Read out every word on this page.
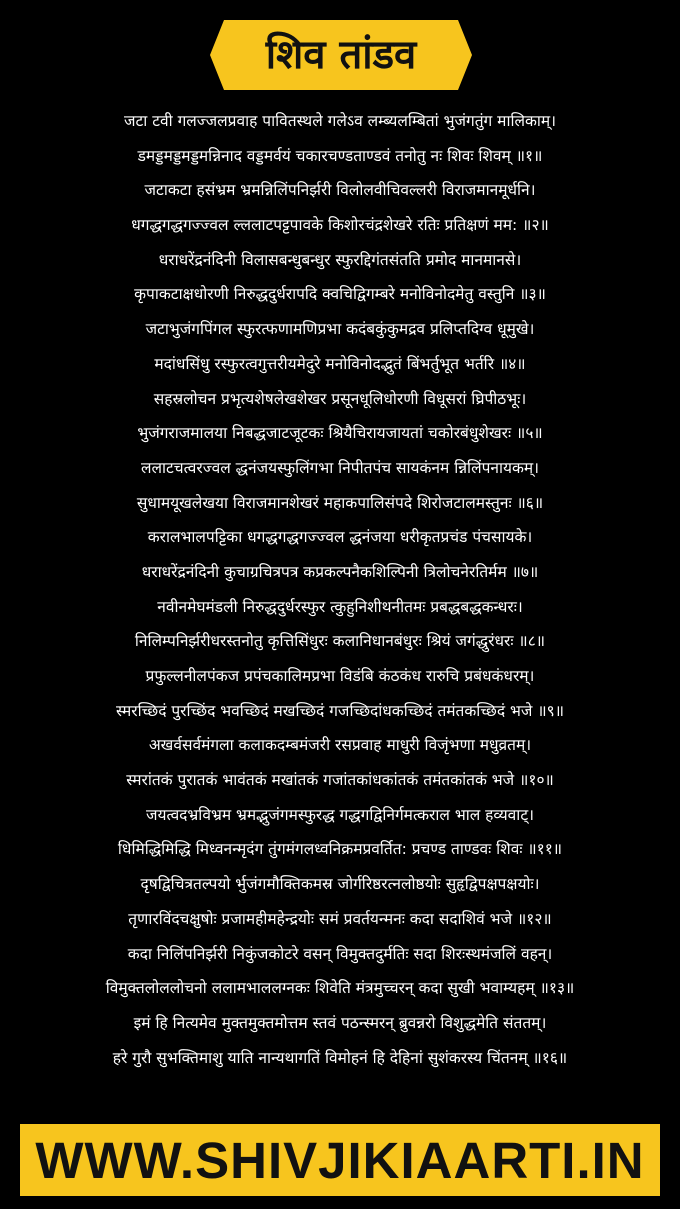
शिव तांडव
जटा टवी गलज्जलप्रवाह पावितस्थले गलेऽव लम्ब्यलम्बितां भुजंगतुंग मालिकाम्।
डमड्डमड्डमड्डमन्निनाद वड्डमर्वयं चकारचण्डताण्डवं तनोतु नः शिवः शिवम् ॥१॥
जटाकटा हसंभ्रम भ्रमन्निलिंपनिर्झरी विलोलवीचिवल्लरी विराजमानमूर्धनि।
धगद्धगद्धगज्ज्वल ल्ललाटपट्टपावके किशोरचंद्रशेखरे रतिः प्रतिक्षणं मम: ॥२॥
धराधरेंद्रनंदिनी विलासबन्धुबन्धुर स्फुरद्दिगंतसंतति प्रमोद मानमानसे।
कृपाकटाक्षधोरणी निरुद्धदुर्धरापदि क्वचिद्विगम्बरे मनोविनोदमेतु वस्तुनि ॥३॥
जटाभुजंगपिंगल स्फुरत्फणामणिप्रभा कदंबकुंकुमद्रव प्रलिप्तदिग्व धूमुखे।
मदांधसिंधु रस्फुरत्वगुत्तरीयमेदुरे मनोविनोदद्भुतं बिंभर्तुभूत भर्तरि ॥४॥
सहस्रलोचन प्रभृत्यशेषलेखशेखर प्रसूनधूलिधोरणी विधूसरां घ्रिपीठभूः।
भुजंगराजमालया निबद्धजाटजूटकः श्रियैचिरायजायतां चकोरबंधुशेखरः ॥५॥
ललाटचत्वरज्वल द्धनंजयस्फुलिंगभा निपीतपंच सायकंनम न्निलिंपनायकम्।
सुधामयूखलेखया विराजमानशेखरं महाकपालिसंपदे शिरोजटालमस्तुनः ॥६॥
करालभालपट्टिका धगद्धगद्धगज्ज्वल द्धनंजया धरीकृतप्रचंड पंचसायके।
धराधरेंद्रनंदिनी कुचाग्रचित्रपत्र कप्रकल्पनैकशिल्पिनी त्रिलोचनेरतिर्मम ॥७॥
नवीनमेघमंडली निरुद्धदुर्धरस्फुर त्कुहुनिशीथनीतमः प्रबद्धबद्धकन्धरः।
निलिम्पनिर्झरीधरस्तनोतु कृत्तिसिंधुरः कलानिधानबंधुरः श्रियं जगंद्धुरंधरः ॥८॥
प्रफुल्लनीलपंकज प्रपंचकालिमप्रभा विडंबि कंठकंध रारुचि प्रबंधकंधरम्।
स्मरच्छिदं पुरच्छिंद भवच्छिदं मखच्छिदं गजच्छिदांधकच्छिदं तमंतकच्छिदं भजे ॥९॥
अखर्वसर्वमंगला कलाकदम्बमंजरी रसप्रवाह माधुरी विजृंभणा मधुव्रतम्।
स्मरांतकं पुरातकं भावंतकं मखांतकं गजांतकांधकांतकं तमंतकांतकं भजे ॥१०॥
जयत्वदभ्रविभ्रम भ्रमद्भुजंगमस्फुरद्ध गद्धगद्विनिर्गमत्कराल भाल हव्यवाट्।
धिमिद्धिमिद्धि मिध्वनन्मृदंग तुंगमंगलध्वनिक्रमप्रवर्तित: प्रचण्ड ताण्डवः शिवः ॥११॥
दृषद्विचित्रतल्पयो र्भुजंगमौक्तिकमस्र जोर्गरिष्ठरत्नलोष्ठयोः सुहृद्विपक्षपक्षयोः।
तृणारविंदचक्षुषोः प्रजामहीमहेन्द्रयोः समं प्रवर्तयन्मनः कदा सदाशिवं भजे ॥१२॥
कदा निलिंपनिर्झरी निकुंजकोटरे वसन् विमुक्तदुर्मतिः सदा शिरःस्थमंजलिं वहन्।
विमुक्तलोललोचनो ललामभाललग्नकः शिवेति मंत्रमुच्चरन् कदा सुखी भवाम्यहम् ॥१३॥
इमं हि नित्यमेव मुक्तमुक्तमोत्तम स्तवं पठन्स्मरन् ब्रुवन्नरो विशुद्धमेति संततम्।
हरे गुरौ सुभक्तिमाशु याति नान्यथागतिं विमोहनं हि देहिनां सुशंकरस्य चिंतनम् ॥१६॥
WWW.SHIVJIKIAARTI.IN
